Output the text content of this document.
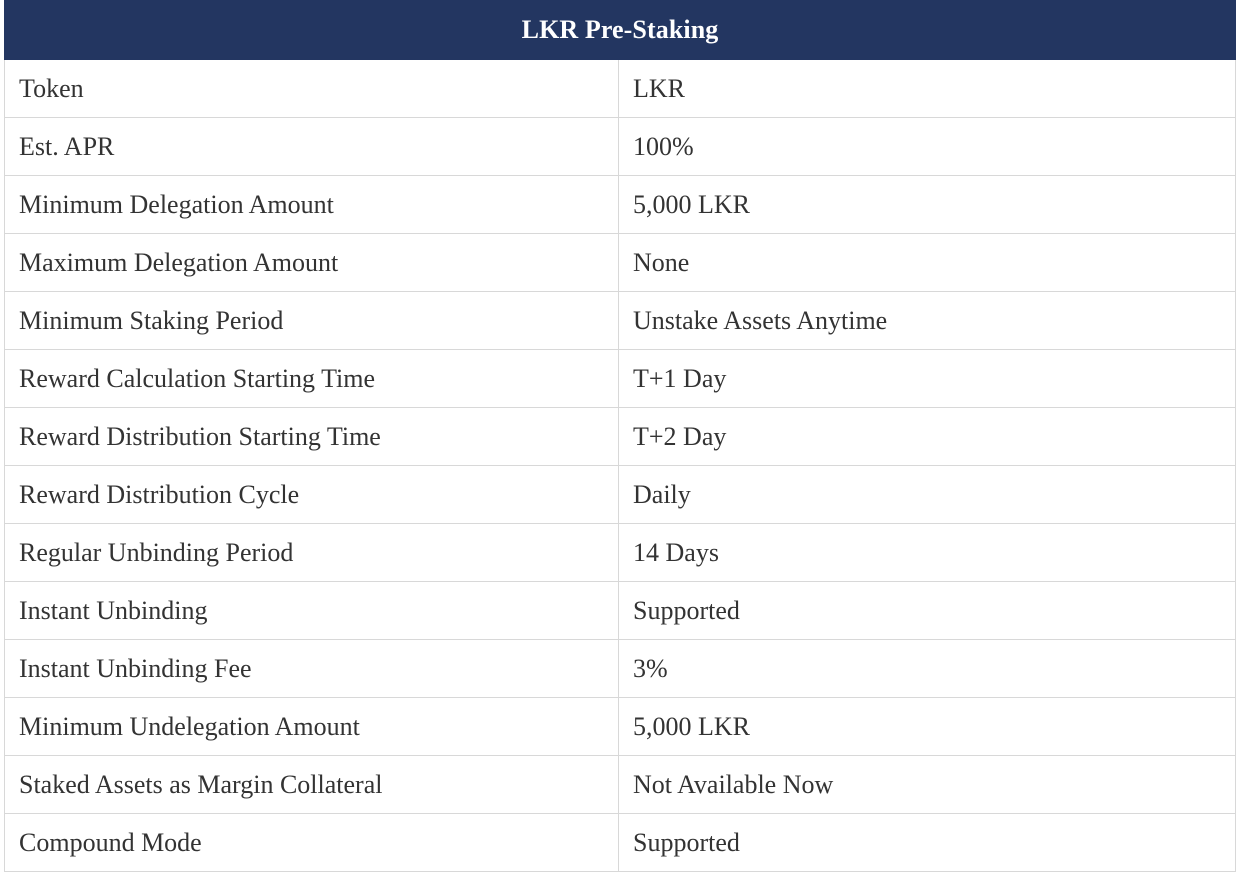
LKR Pre-Staking	
Token	LKR
Est. APR	100%
Minimum Delegation Amount	5,000 LKR
Maximum Delegation Amount	None
Minimum Staking Period	Unstake Assets Anytime
Reward Calculation Starting Time	T+1 Day
Reward Distribution Starting Time	T+2 Day
Reward Distribution Cycle	Daily
Regular Unbinding Period	14 Days
Instant Unbinding	Supported
Instant Unbinding Fee	3%
Minimum Undelegation Amount	5,000 LKR
Staked Assets as Margin Collateral	Not Available Now
Compound Mode	Supported
